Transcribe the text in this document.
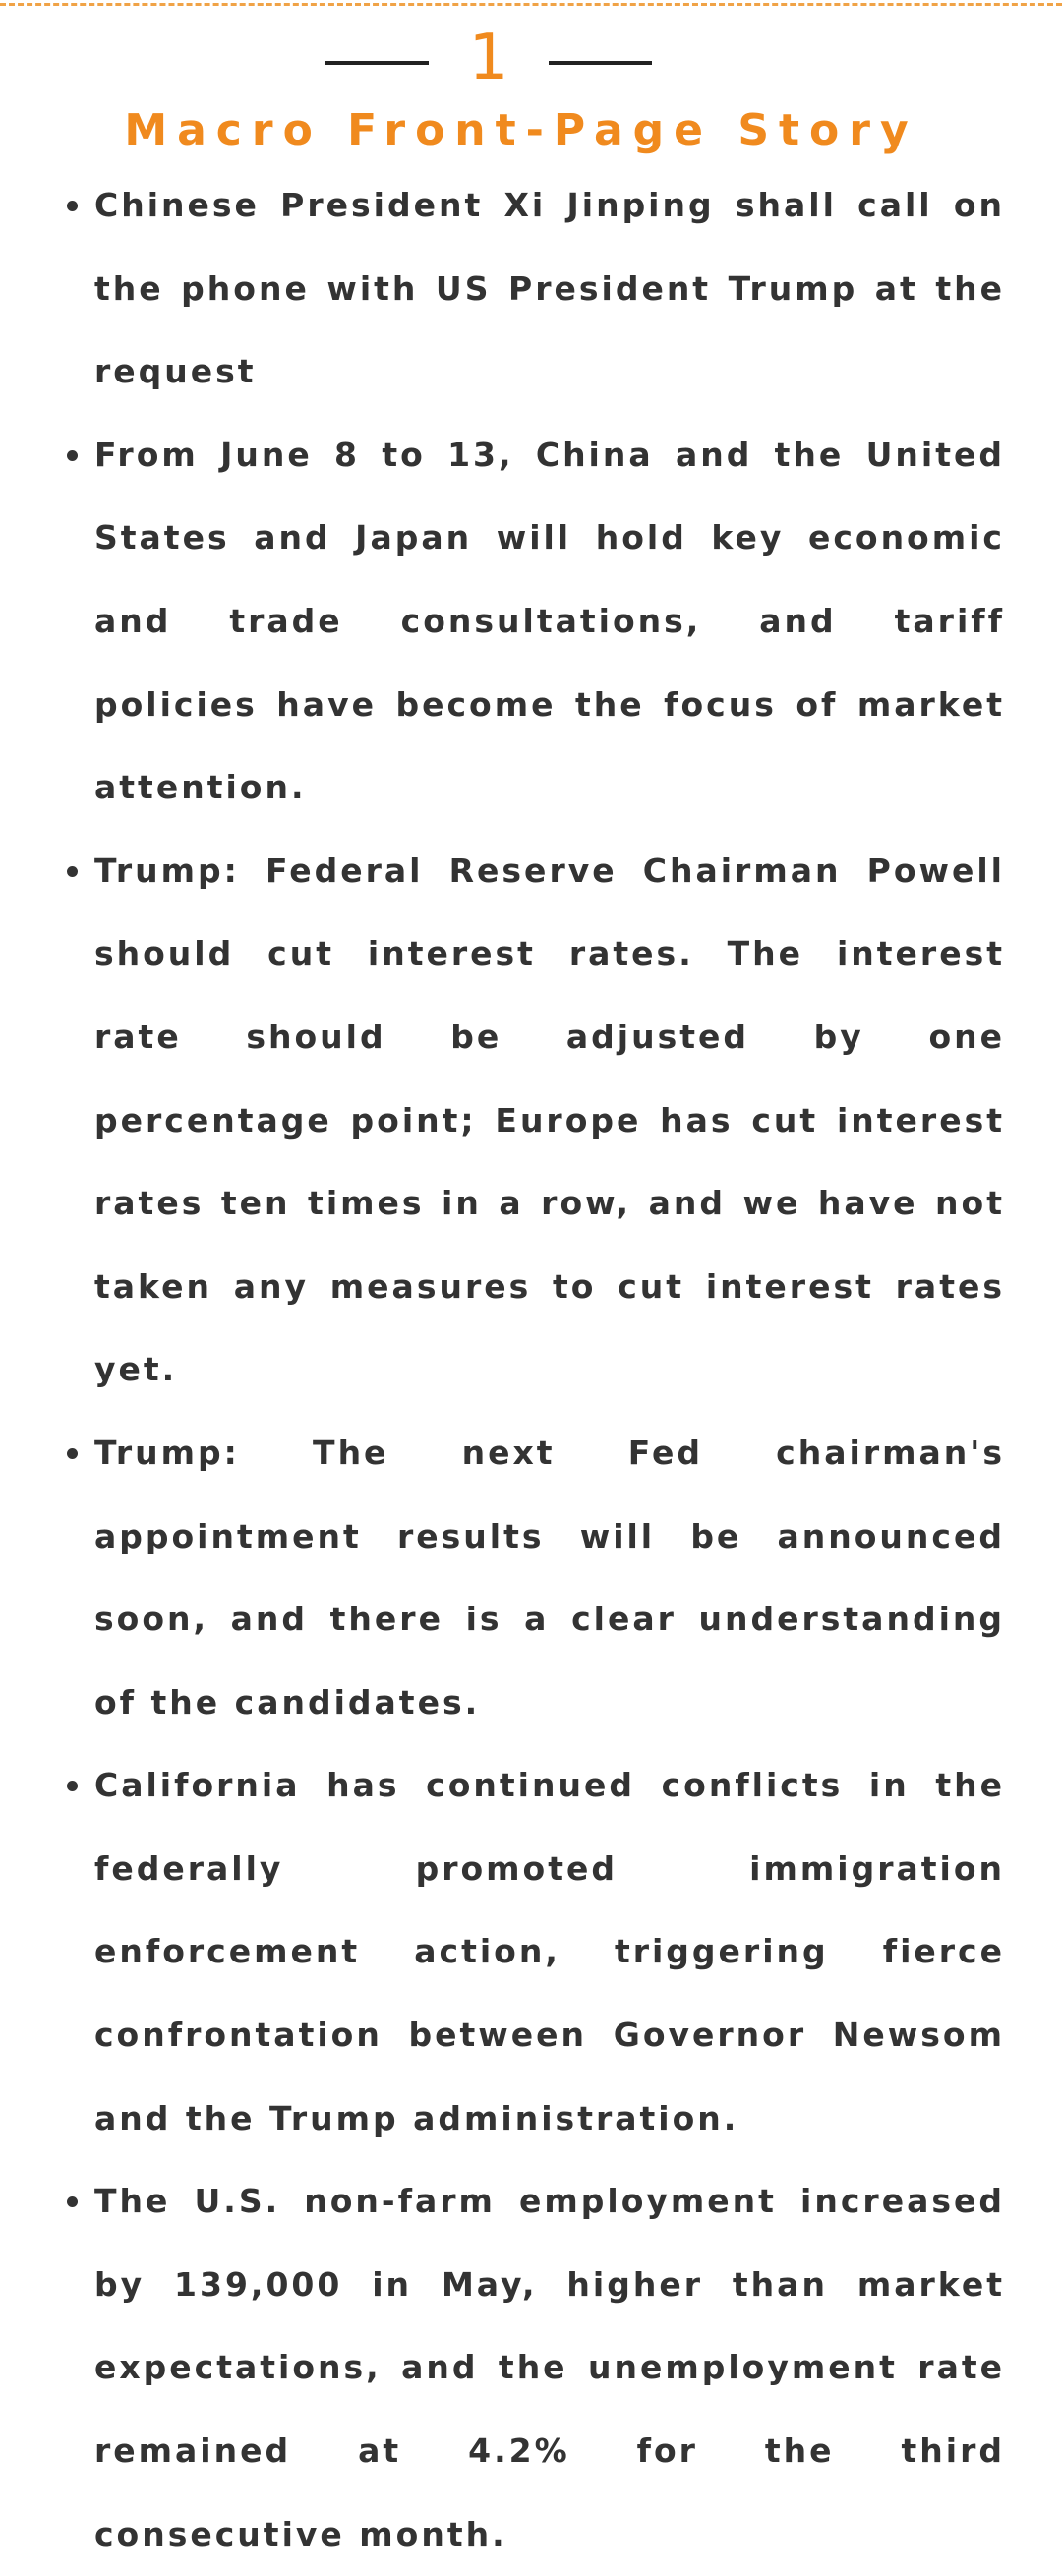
1
Macro Front-Page Story
Chinese President Xi Jinping shall call on the phone with US President Trump at the request
From June 8 to 13, China and the United States and Japan will hold key economic and trade consultations, and tariff policies have become the focus of market attention.
Trump: Federal Reserve Chairman Powell should cut interest rates. The interest rate should be adjusted by one percentage point; Europe has cut interest rates ten times in a row, and we have not taken any measures to cut interest rates yet.
Trump: The next Fed chairman's appointment results will be announced soon, and there is a clear understanding of the candidates.
California has continued conflicts in the federally promoted immigration enforcement action, triggering fierce confrontation between Governor Newsom and the Trump administration.
The U.S. non-farm employment increased by 139,000 in May, higher than market expectations, and the unemployment rate remained at 4.2% for the third consecutive month.
